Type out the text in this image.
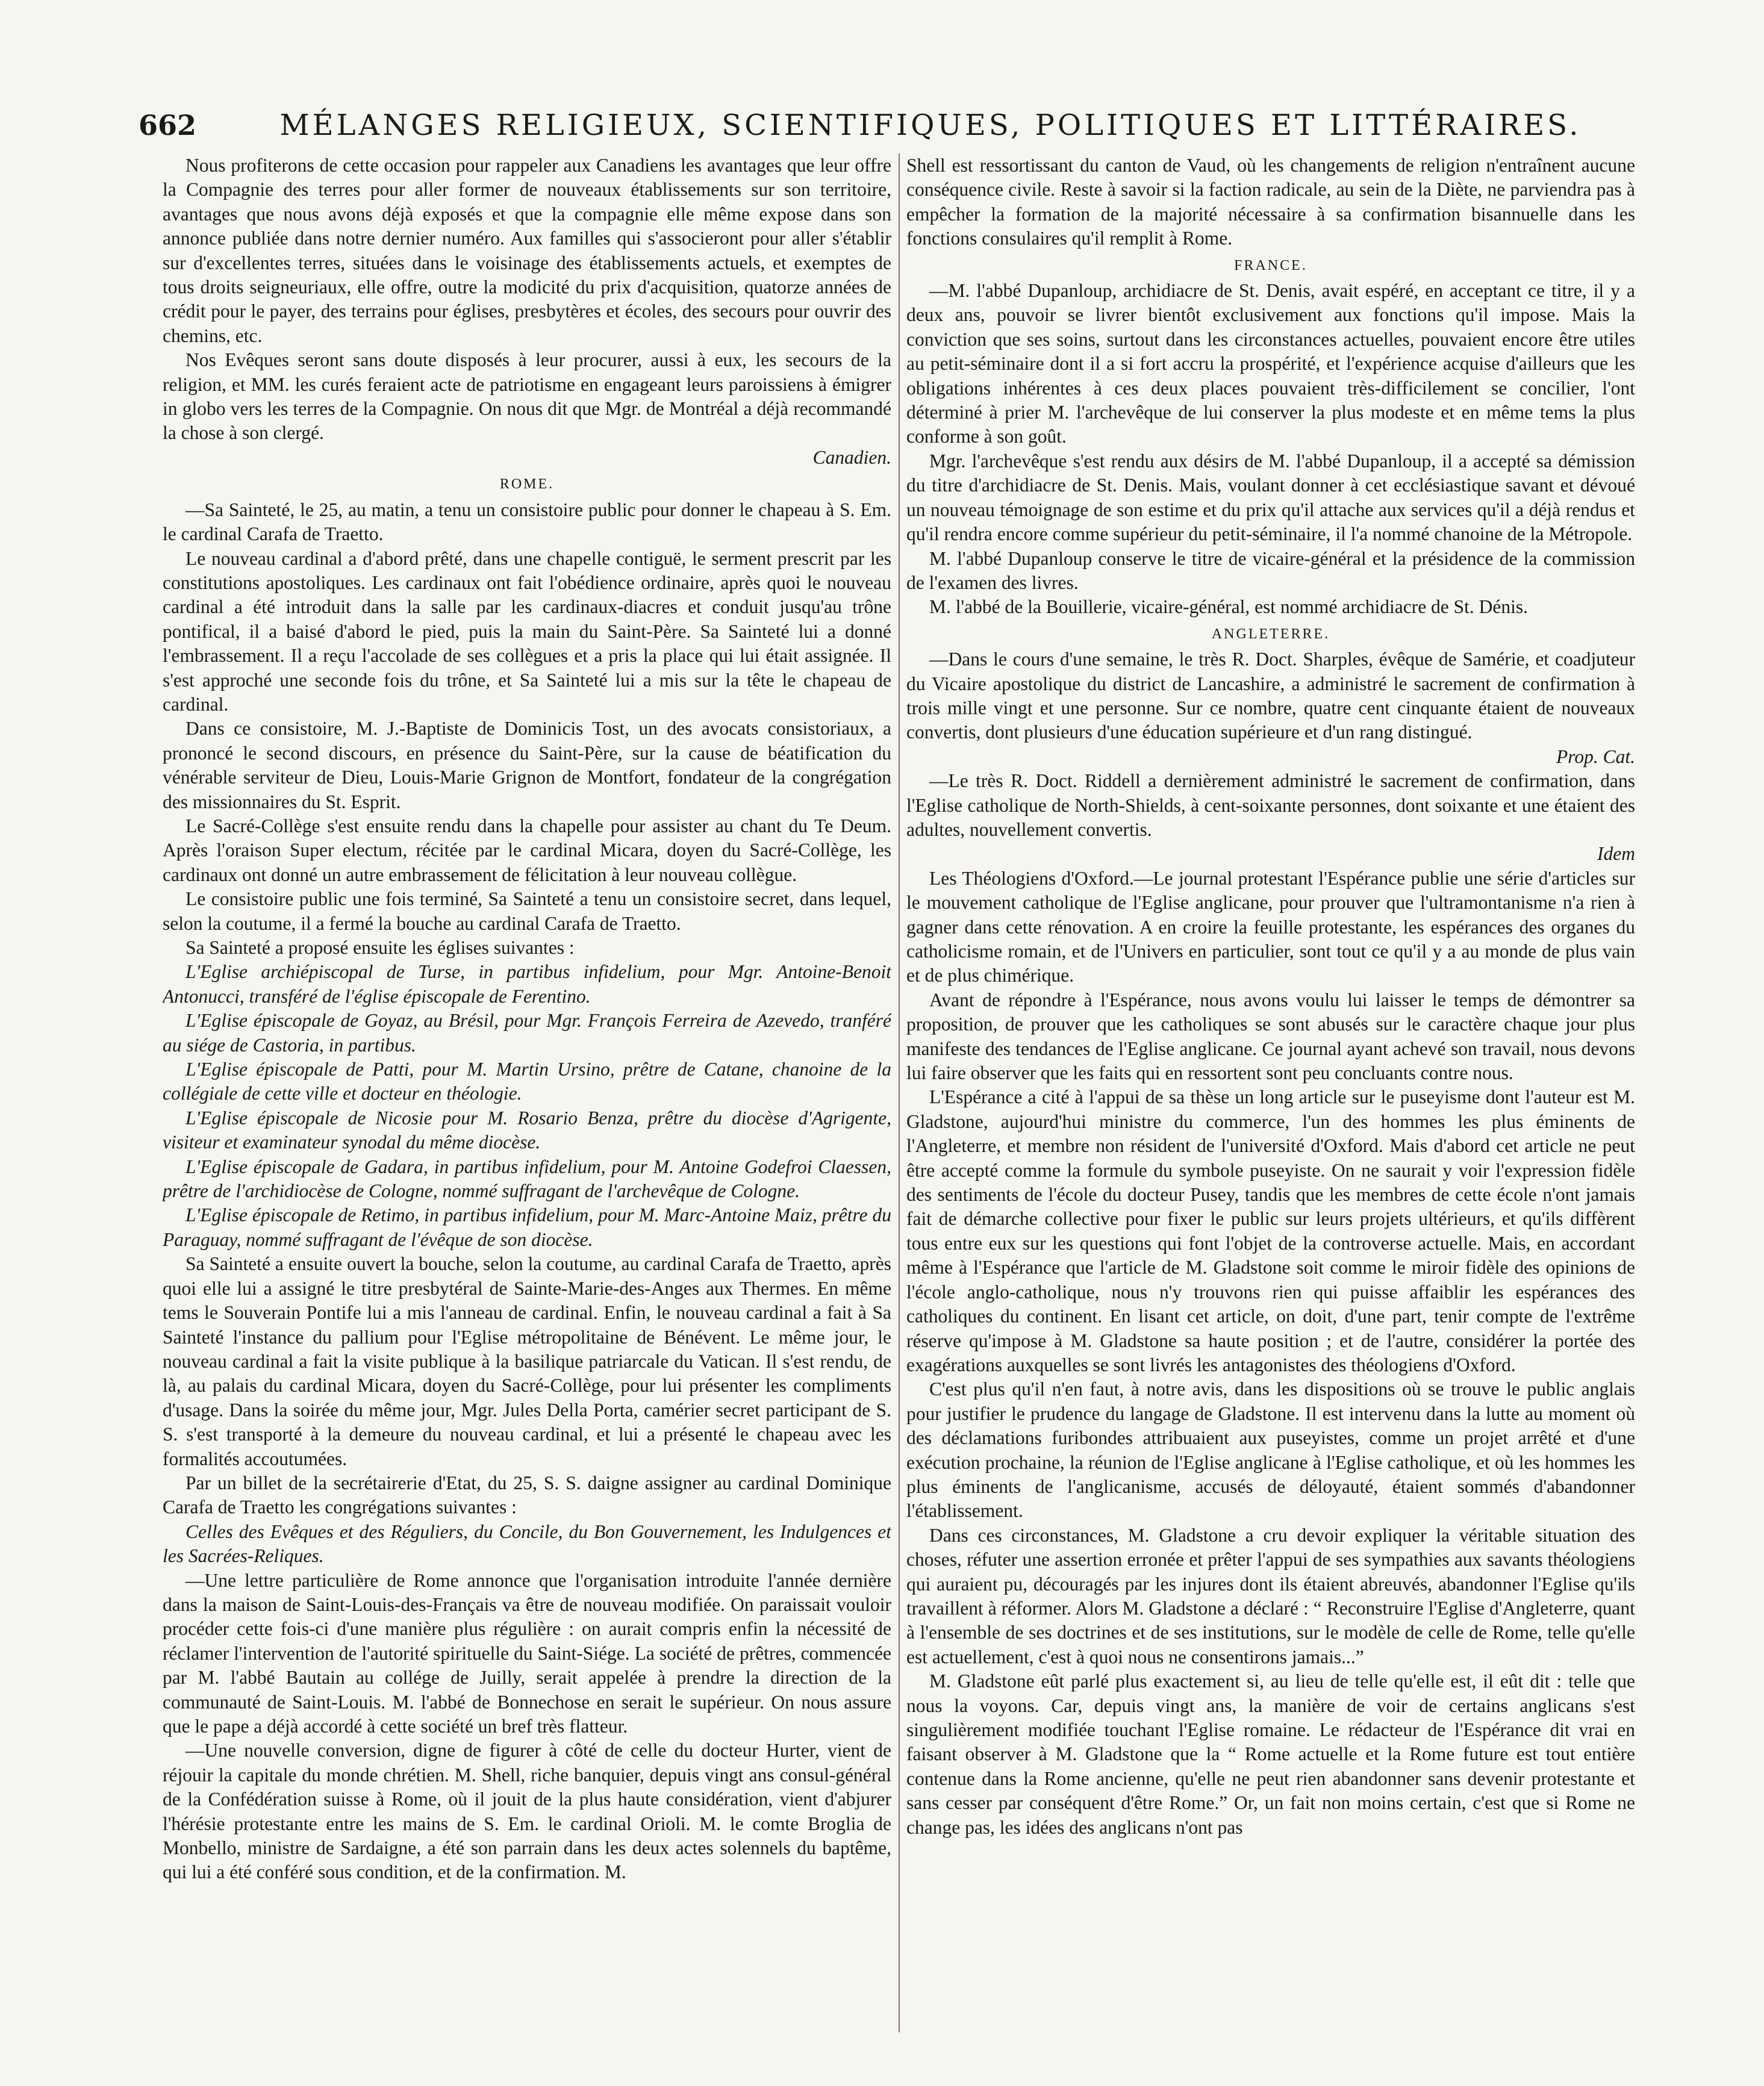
662	MÉLANGES RELIGIEUX, SCIENTIFIQUES, POLITIQUES ET LITTÉRAIRES.

Nous profiterons de cette occasion pour rappeler aux Canadiens les avantages que leur offre la Compagnie des terres pour aller former de nouveaux établissements sur son territoire, avantages que nous avons déjà exposés et que la compagnie elle même expose dans son annonce publiée dans notre dernier numéro. Aux familles qui s'associeront pour aller s'établir sur d'excellentes terres, situées dans le voisinage des établissements actuels, et exemptes de tous droits seigneuriaux, elle offre, outre la modicité du prix d'acquisition, quatorze années de crédit pour le payer, des terrains pour églises, presbytères et écoles, des secours pour ouvrir des chemins, etc.

Nos Evêques seront sans doute disposés à leur procurer, aussi à eux, les secours de la religion, et MM. les curés feraient acte de patriotisme en engageant leurs paroissiens à émigrer in globo vers les terres de la Compagnie. On nous dit que Mgr. de Montréal a déjà recommandé la chose à son clergé.

Canadien.

ROME.

—Sa Sainteté, le 25, au matin, a tenu un consistoire public pour donner le chapeau à S. Em. le cardinal Carafa de Traetto.

Le nouveau cardinal a d'abord prêté, dans une chapelle contiguë, le serment prescrit par les constitutions apostoliques. Les cardinaux ont fait l'obédience ordinaire, après quoi le nouveau cardinal a été introduit dans la salle par les cardinaux-diacres et conduit jusqu'au trône pontifical, il a baisé d'abord le pied, puis la main du Saint-Père. Sa Sainteté lui a donné l'embrassement. Il a reçu l'accolade de ses collègues et a pris la place qui lui était assignée. Il s'est approché une seconde fois du trône, et Sa Sainteté lui a mis sur la tête le chapeau de cardinal.

Dans ce consistoire, M. J.-Baptiste de Dominicis Tost, un des avocats consistoriaux, a prononcé le second discours, en présence du Saint-Père, sur la cause de béatification du vénérable serviteur de Dieu, Louis-Marie Grignon de Montfort, fondateur de la congrégation des missionnaires du St. Esprit.

Le Sacré-Collège s'est ensuite rendu dans la chapelle pour assister au chant du Te Deum. Après l'oraison Super electum, récitée par le cardinal Micara, doyen du Sacré-Collège, les cardinaux ont donné un autre embrassement de félicitation à leur nouveau collègue.

Le consistoire public une fois terminé, Sa Sainteté a tenu un consistoire secret, dans lequel, selon la coutume, il a fermé la bouche au cardinal Carafa de Traetto.

Sa Sainteté a proposé ensuite les églises suivantes :

L'Eglise archiépiscopal de Turse, in partibus infidelium, pour Mgr. Antoine-Benoit Antonucci, transféré de l'église épiscopale de Ferentino.

L'Eglise épiscopale de Goyaz, au Brésil, pour Mgr. François Ferreira de Azevedo, tranféré au siége de Castoria, in partibus.

L'Eglise épiscopale de Patti, pour M. Martin Ursino, prêtre de Catane, chanoine de la collégiale de cette ville et docteur en théologie.

L'Eglise épiscopale de Nicosie pour M. Rosario Benza, prêtre du diocèse d'Agrigente, visiteur et examinateur synodal du même diocèse.

L'Eglise épiscopale de Gadara, in partibus infidelium, pour M. Antoine Godefroi Claessen, prêtre de l'archidiocèse de Cologne, nommé suffragant de l'archevêque de Cologne.

L'Eglise épiscopale de Retimo, in partibus infidelium, pour M. Marc-Antoine Maiz, prêtre du Paraguay, nommé suffragant de l'évêque de son diocèse.

Sa Sainteté a ensuite ouvert la bouche, selon la coutume, au cardinal Carafa de Traetto, après quoi elle lui a assigné le titre presbytéral de Sainte-Marie-des-Anges aux Thermes. En même tems le Souverain Pontife lui a mis l'anneau de cardinal. Enfin, le nouveau cardinal a fait à Sa Sainteté l'instance du pallium pour l'Eglise métropolitaine de Bénévent. Le même jour, le nouveau cardinal a fait la visite publique à la basilique patriarcale du Vatican. Il s'est rendu, de là, au palais du cardinal Micara, doyen du Sacré-Collège, pour lui présenter les compliments d'usage. Dans la soirée du même jour, Mgr. Jules Della Porta, camérier secret participant de S. S. s'est transporté à la demeure du nouveau cardinal, et lui a présenté le chapeau avec les formalités accoutumées.

Par un billet de la secrétairerie d'Etat, du 25, S. S. daigne assigner au cardinal Dominique Carafa de Traetto les congrégations suivantes :

Celles des Evêques et des Réguliers, du Concile, du Bon Gouvernement, les Indulgences et les Sacrées-Reliques.

—Une lettre particulière de Rome annonce que l'organisation introduite l'année dernière dans la maison de Saint-Louis-des-Français va être de nouveau modifiée. On paraissait vouloir procéder cette fois-ci d'une manière plus régulière : on aurait compris enfin la nécessité de réclamer l'intervention de l'autorité spirituelle du Saint-Siége. La société de prêtres, commencée par M. l'abbé Bautain au collége de Juilly, serait appelée à prendre la direction de la communauté de Saint-Louis. M. l'abbé de Bonnechose en serait le supérieur. On nous assure que le pape a déjà accordé à cette société un bref très flatteur.

—Une nouvelle conversion, digne de figurer à côté de celle du docteur Hurter, vient de réjouir la capitale du monde chrétien. M. Shell, riche banquier, depuis vingt ans consul-général de la Confédération suisse à Rome, où il jouit de la plus haute considération, vient d'abjurer l'hérésie protestante entre les mains de S. Em. le cardinal Orioli. M. le comte Broglia de Monbello, ministre de Sardaigne, a été son parrain dans les deux actes solennels du baptême, qui lui a été conféré sous condition, et de la confirmation. M.

Shell est ressortissant du canton de Vaud, où les changements de religion n'entraînent aucune conséquence civile. Reste à savoir si la faction radicale, au sein de la Diète, ne parviendra pas à empêcher la formation de la majorité nécessaire à sa confirmation bisannuelle dans les fonctions consulaires qu'il remplit à Rome.

FRANCE.

—M. l'abbé Dupanloup, archidiacre de St. Denis, avait espéré, en acceptant ce titre, il y a deux ans, pouvoir se livrer bientôt exclusivement aux fonctions qu'il impose. Mais la conviction que ses soins, surtout dans les circonstances actuelles, pouvaient encore être utiles au petit-séminaire dont il a si fort accru la prospérité, et l'expérience acquise d'ailleurs que les obligations inhérentes à ces deux places pouvaient très-difficilement se concilier, l'ont déterminé à prier M. l'archevêque de lui conserver la plus modeste et en même tems la plus conforme à son goût.

Mgr. l'archevêque s'est rendu aux désirs de M. l'abbé Dupanloup, il a accepté sa démission du titre d'archidiacre de St. Denis. Mais, voulant donner à cet ecclésiastique savant et dévoué un nouveau témoignage de son estime et du prix qu'il attache aux services qu'il a déjà rendus et qu'il rendra encore comme supérieur du petit-séminaire, il l'a nommé chanoine de la Métropole.

M. l'abbé Dupanloup conserve le titre de vicaire-général et la présidence de la commission de l'examen des livres.

M. l'abbé de la Bouillerie, vicaire-général, est nommé archidiacre de St. Dénis.

ANGLETERRE.

—Dans le cours d'une semaine, le très R. Doct. Sharples, évêque de Samérie, et coadjuteur du Vicaire apostolique du district de Lancashire, a administré le sacrement de confirmation à trois mille vingt et une personne. Sur ce nombre, quatre cent cinquante étaient de nouveaux convertis, dont plusieurs d'une éducation supérieure et d'un rang distingué.

Prop. Cat.

—Le très R. Doct. Riddell a dernièrement administré le sacrement de confirmation, dans l'Eglise catholique de North-Shields, à cent-soixante personnes, dont soixante et une étaient des adultes, nouvellement convertis.

Idem

Les Théologiens d'Oxford.—Le journal protestant l'Espérance publie une série d'articles sur le mouvement catholique de l'Eglise anglicane, pour prouver que l'ultramontanisme n'a rien à gagner dans cette rénovation. A en croire la feuille protestante, les espérances des organes du catholicisme romain, et de l'Univers en particulier, sont tout ce qu'il y a au monde de plus vain et de plus chimérique.

Avant de répondre à l'Espérance, nous avons voulu lui laisser le temps de démontrer sa proposition, de prouver que les catholiques se sont abusés sur le caractère chaque jour plus manifeste des tendances de l'Eglise anglicane. Ce journal ayant achevé son travail, nous devons lui faire observer que les faits qui en ressortent sont peu concluants contre nous.

L'Espérance a cité à l'appui de sa thèse un long article sur le puseyisme dont l'auteur est M. Gladstone, aujourd'hui ministre du commerce, l'un des hommes les plus éminents de l'Angleterre, et membre non résident de l'université d'Oxford. Mais d'abord cet article ne peut être accepté comme la formule du symbole puseyiste. On ne saurait y voir l'expression fidèle des sentiments de l'école du docteur Pusey, tandis que les membres de cette école n'ont jamais fait de démarche collective pour fixer le public sur leurs projets ultérieurs, et qu'ils diffèrent tous entre eux sur les questions qui font l'objet de la controverse actuelle. Mais, en accordant même à l'Espérance que l'article de M. Gladstone soit comme le miroir fidèle des opinions de l'école anglo-catholique, nous n'y trouvons rien qui puisse affaiblir les espérances des catholiques du continent. En lisant cet article, on doit, d'une part, tenir compte de l'extrême réserve qu'impose à M. Gladstone sa haute position ; et de l'autre, considérer la portée des exagérations auxquelles se sont livrés les antagonistes des théologiens d'Oxford.

C'est plus qu'il n'en faut, à notre avis, dans les dispositions où se trouve le public anglais pour justifier le prudence du langage de Gladstone. Il est intervenu dans la lutte au moment où des déclamations furibondes attribuaient aux puseyistes, comme un projet arrêté et d'une exécution prochaine, la réunion de l'Eglise anglicane à l'Eglise catholique, et où les hommes les plus éminents de l'anglicanisme, accusés de déloyauté, étaient sommés d'abandonner l'établissement.

Dans ces circonstances, M. Gladstone a cru devoir expliquer la véritable situation des choses, réfuter une assertion erronée et prêter l'appui de ses sympathies aux savants théologiens qui auraient pu, découragés par les injures dont ils étaient abreuvés, abandonner l'Eglise qu'ils travaillent à réformer. Alors M. Gladstone a déclaré : “ Reconstruire l'Eglise d'Angleterre, quant à l'ensemble de ses doctrines et de ses institutions, sur le modèle de celle de Rome, telle qu'elle est actuellement, c'est à quoi nous ne consentirons jamais...”

M. Gladstone eût parlé plus exactement si, au lieu de telle qu'elle est, il eût dit : telle que nous la voyons. Car, depuis vingt ans, la manière de voir de certains anglicans s'est singulièrement modifiée touchant l'Eglise romaine. Le rédacteur de l'Espérance dit vrai en faisant observer à M. Gladstone que la “ Rome actuelle et la Rome future est tout entière contenue dans la Rome ancienne, qu'elle ne peut rien abandonner sans devenir protestante et sans cesser par conséquent d'être Rome.” Or, un fait non moins certain, c'est que si Rome ne change pas, les idées des anglicans n'ont pas
